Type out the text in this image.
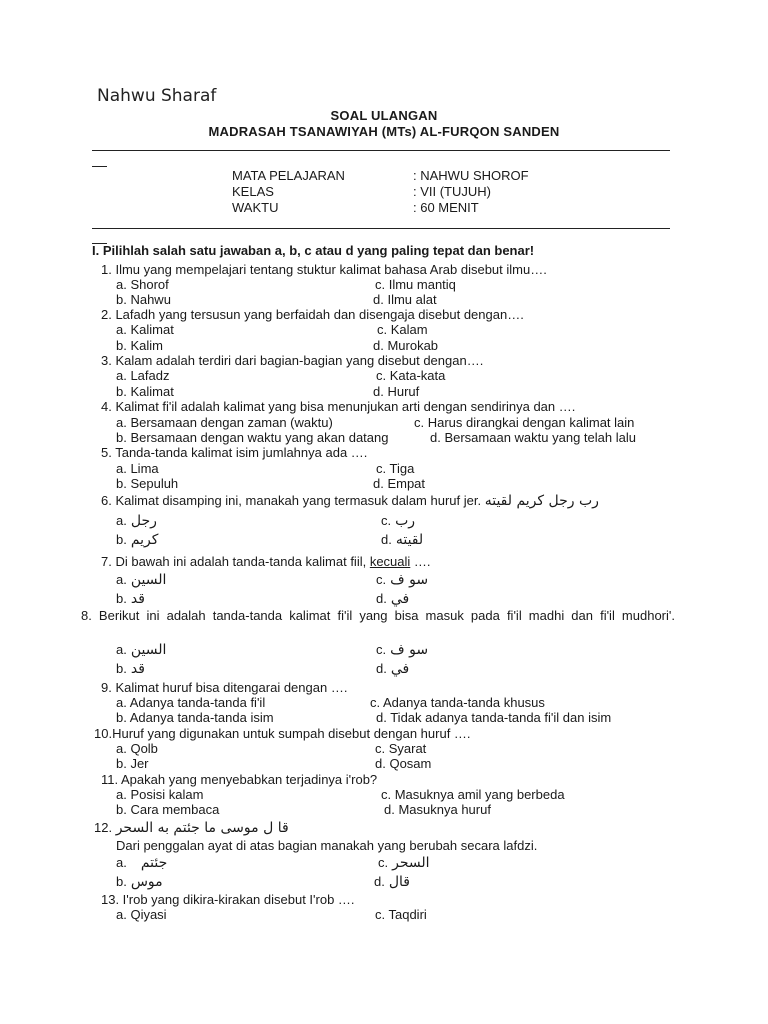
Nahwu Sharaf
SOAL ULANGAN
MADRASAH TSANAWIYAH (MTs) AL-FURQON SANDEN
MATA PELAJARAN	: NAHWU SHOROF
KELAS	: VII (TUJUH)
WAKTU	: 60 MENIT

I. Pilihlah salah satu jawaban a, b, c atau d yang paling tepat dan benar!

1. Ilmu yang mempelajari tentang stuktur kalimat bahasa Arab disebut ilmu….
a. Shorof	c. Ilmu mantiq
b. Nahwu	d. Ilmu alat
2. Lafadh yang tersusun yang berfaidah dan disengaja disebut dengan….
a. Kalimat	c. Kalam
b. Kalim	d. Murokab
3. Kalam adalah terdiri dari bagian-bagian yang disebut dengan….
a. Lafadz	c. Kata-kata
b. Kalimat	d. Huruf
4. Kalimat fi'il adalah kalimat yang bisa menunjukan arti dengan sendirinya dan ….
a. Bersamaan dengan zaman (waktu)	c. Harus dirangkai dengan kalimat lain
b. Bersamaan dengan waktu yang akan datang	d. Bersamaan waktu yang telah lalu
5. Tanda-tanda kalimat isim jumlahnya ada ….
a. Lima	c. Tiga
b. Sepuluh	d. Empat
6. Kalimat disamping ini, manakah yang termasuk dalam huruf jer. رب رجل كريم لقيته
a. رجل	c. رب
b. كريم	d. لقيته
7. Di bawah ini adalah tanda-tanda kalimat fiil, kecuali ….
a. السين	c. سو ف
b. قد	d. في
8. Berikut ini adalah tanda-tanda kalimat fi'il yang bisa masuk pada fi'il madhi dan fi'il mudhori'.
a. السين	c. سو ف
b. قد	d. في
9. Kalimat huruf bisa ditengarai dengan ….
a. Adanya tanda-tanda fi'il	c. Adanya tanda-tanda khusus
b. Adanya tanda-tanda isim	d. Tidak adanya tanda-tanda fi'il dan isim
10.Huruf yang digunakan untuk sumpah disebut dengan huruf ….
a. Qolb	c. Syarat
b. Jer	d. Qosam
11. Apakah yang menyebabkan terjadinya i'rob?
a. Posisi kalam	c. Masuknya amil yang berbeda
b. Cara membaca	d. Masuknya huruf
12. قا ل موسى ما جئتم به السحر
Dari penggalan ayat di atas bagian manakah yang berubah secara lafdzi.
a. جئتم	c. السحر
b. موس	d. قال
13. I'rob yang dikira-kirakan disebut I'rob ….
a. Qiyasi	c. Taqdiri
